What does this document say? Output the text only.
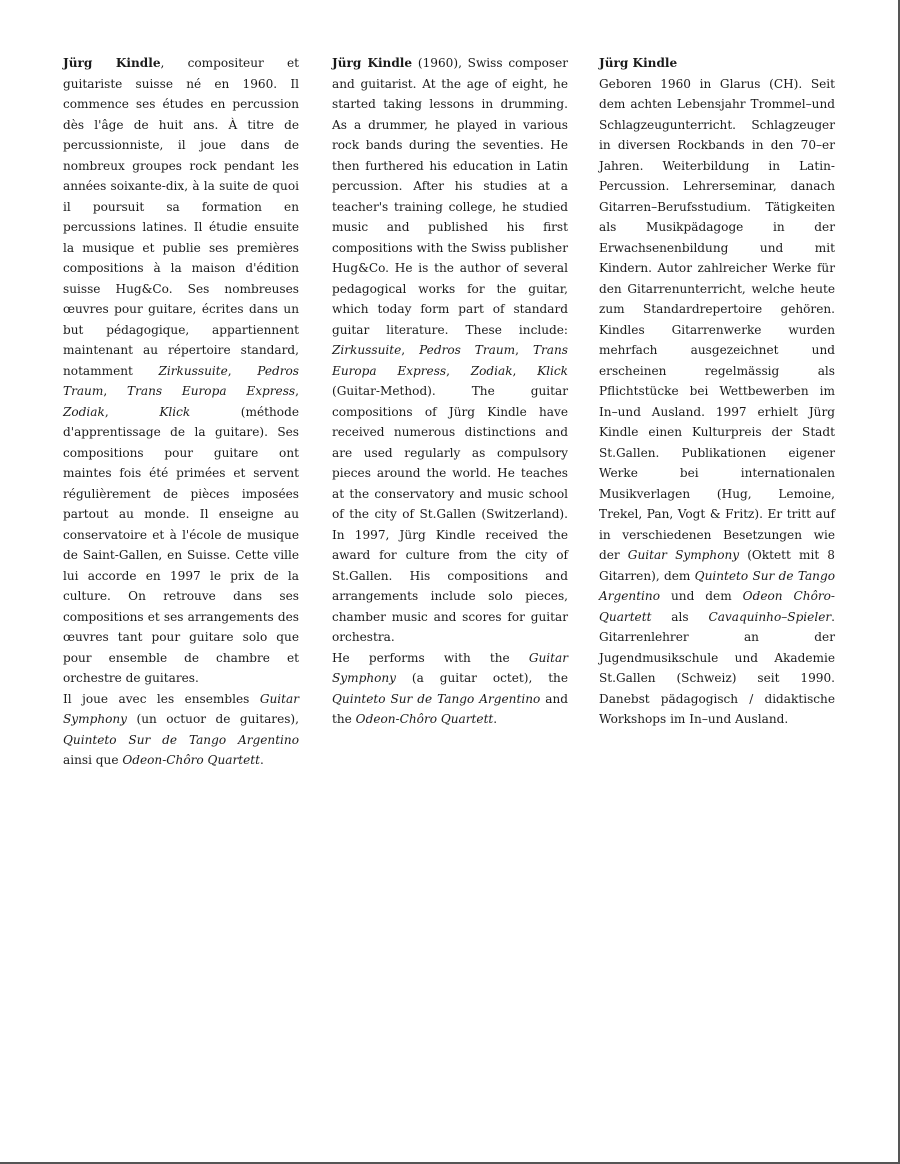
Jürg Kindle, compositeur et guitariste suisse né en 1960. Il commence ses études en percussion dès l'âge de huit ans. À titre de percussionniste, il joue dans de nombreux groupes rock pendant les années soixante-dix, à la suite de quoi il poursuit sa formation en percussions latines. Il étudie ensuite la musique et publie ses premières compositions à la maison d'édition suisse Hug&Co. Ses nombreuses œuvres pour guitare, écrites dans un but pédagogique, appartiennent maintenant au répertoire standard, notamment Zirkussuite, Pedros Traum, Trans Europa Express, Zodiak, Klick (méthode d'apprentissage de la guitare). Ses compositions pour guitare ont maintes fois été primées et servent régulièrement de pièces imposées partout au monde. Il enseigne au conservatoire et à l'école de musique de Saint-Gallen, en Suisse. Cette ville lui accorde en 1997 le prix de la culture. On retrouve dans ses compositions et ses arrangements des œuvres tant pour guitare solo que pour ensemble de chambre et orchestre de guitares.

Il joue avec les ensembles Guitar Symphony (un octuor de guitares), Quinteto Sur de Tango Argentino ainsi que Odeon-Chôro Quartett.

Jürg Kindle (1960), Swiss composer and guitarist. At the age of eight, he started taking lessons in drumming. As a drummer, he played in various rock bands during the seventies. He then furthered his education in Latin percussion. After his studies at a teacher's training college, he studied music and published his first compositions with the Swiss publisher Hug&Co. He is the author of several pedagogical works for the guitar, which today form part of standard guitar literature. These include: Zirkussuite, Pedros Traum, Trans Europa Express, Zodiak, Klick (Guitar-Method). The guitar compositions of Jürg Kindle have received numerous distinctions and are used regularly as compulsory pieces around the world. He teaches at the conservatory and music school of the city of St.Gallen (Switzerland). In 1997, Jürg Kindle received the award for culture from the city of St.Gallen. His compositions and arrangements include solo pieces, chamber music and scores for guitar orchestra.

He performs with the Guitar Symphony (a guitar octet), the Quinteto Sur de Tango Argentino and the Odeon-Chôro Quartett.

Jürg Kindle

Geboren 1960 in Glarus (CH). Seit dem achten Lebensjahr Trommel–und Schlagzeugunterricht. Schlagzeuger in diversen Rockbands in den 70–er Jahren. Weiterbildung in Latin-Percussion. Lehrerseminar, danach Gitarren–Berufsstudium. Tätigkeiten als Musikpädagoge in der Erwachsenenbildung und mit Kindern. Autor zahlreicher Werke für den Gitarrenunterricht, welche heute zum Standardrepertoire gehören. Kindles Gitarrenwerke wurden mehrfach ausgezeichnet und erscheinen regelmässig als Pflichtstücke bei Wettbewerben im In–und Ausland. 1997 erhielt Jürg Kindle einen Kulturpreis der Stadt St.Gallen. Publikationen eigener Werke bei internationalen Musikverlagen (Hug, Lemoine, Trekel, Pan, Vogt & Fritz). Er tritt auf in verschiedenen Besetzungen wie der Guitar Symphony (Oktett mit 8 Gitarren), dem Quinteto Sur de Tango Argentino und dem Odeon Chôro-Quartett als Cavaquinho–Spieler. Gitarrenlehrer an der Jugendmusikschule und Akademie St.Gallen (Schweiz) seit 1990. Danebst pädagogisch / didaktische Workshops im In–und Ausland.
